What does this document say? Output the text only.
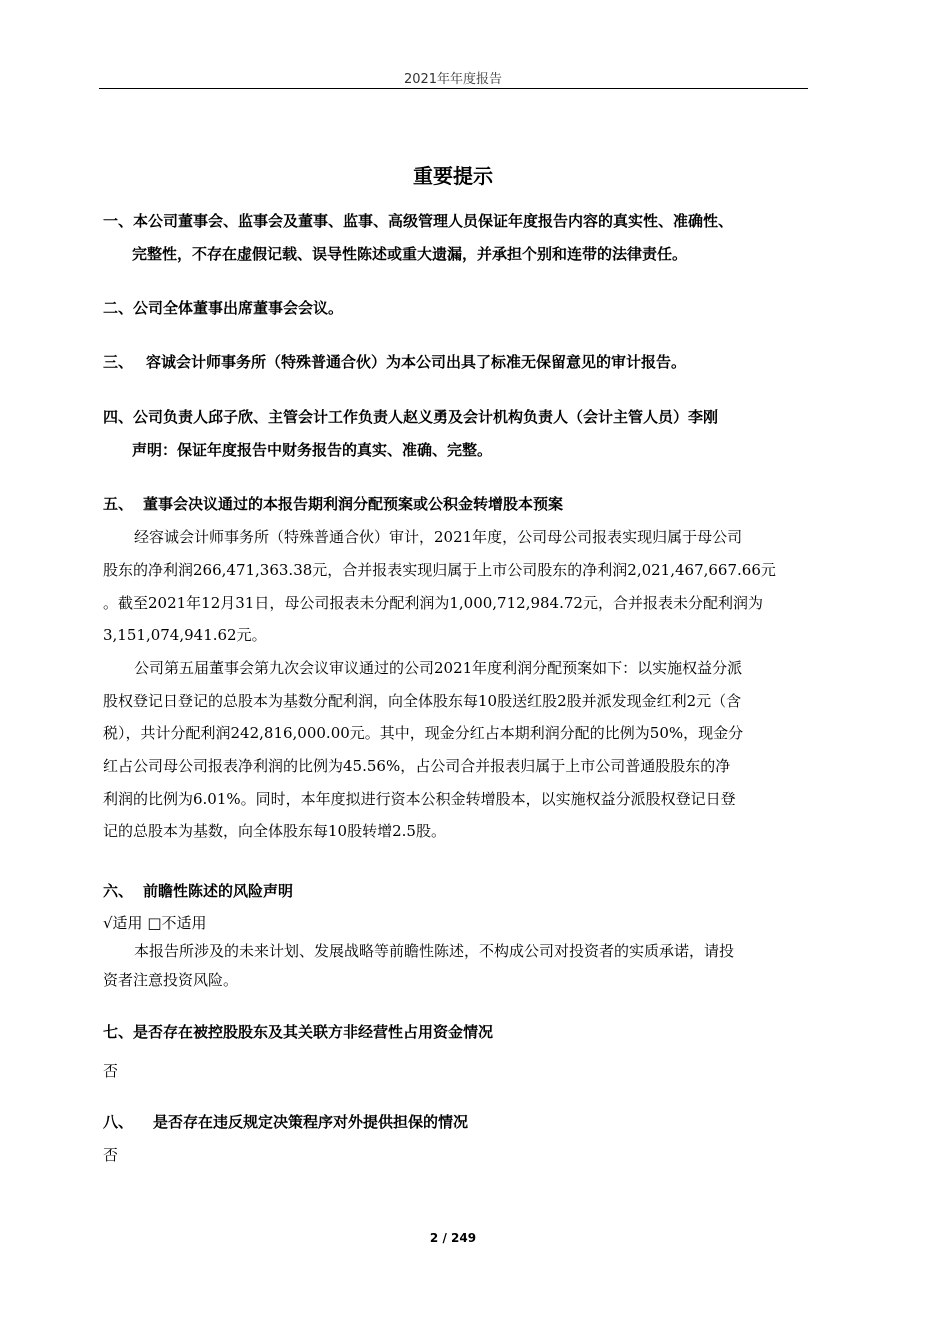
2021年年度报告
重要提示
一、本公司董事会、监事会及董事、监事、高级管理人员保证年度报告内容的真实性、准确性、
完整性，不存在虚假记载、误导性陈述或重大遗漏，并承担个别和连带的法律责任。
二、公司全体董事出席董事会会议。
三、 容诚会计师事务所（特殊普通合伙）为本公司出具了标准无保留意见的审计报告。
四、公司负责人邱子欣、主管会计工作负责人赵义勇及会计机构负责人（会计主管人员）李刚
声明：保证年度报告中财务报告的真实、准确、完整。
五、 董事会决议通过的本报告期利润分配预案或公积金转增股本预案
经容诚会计师事务所（特殊普通合伙）审计，2021年度，公司母公司报表实现归属于母公司
股东的净利润266,471,363.38元，合并报表实现归属于上市公司股东的净利润2,021,467,667.66元
。截至2021年12月31日，母公司报表未分配利润为1,000,712,984.72元，合并报表未分配利润为
3,151,074,941.62元。
公司第五届董事会第九次会议审议通过的公司2021年度利润分配预案如下：以实施权益分派
股权登记日登记的总股本为基数分配利润，向全体股东每10股送红股2股并派发现金红利2元（含
税），共计分配利润242,816,000.00元。其中，现金分红占本期利润分配的比例为50%，现金分
红占公司母公司报表净利润的比例为45.56%，占公司合并报表归属于上市公司普通股股东的净
利润的比例为6.01%。同时，本年度拟进行资本公积金转增股本，以实施权益分派股权登记日登
记的总股本为基数，向全体股东每10股转增2.5股。
六、 前瞻性陈述的风险声明
√适用 □不适用
本报告所涉及的未来计划、发展战略等前瞻性陈述，不构成公司对投资者的实质承诺，请投
资者注意投资风险。
七、是否存在被控股股东及其关联方非经营性占用资金情况
否
八、 是否存在违反规定决策程序对外提供担保的情况
否
2 / 249
